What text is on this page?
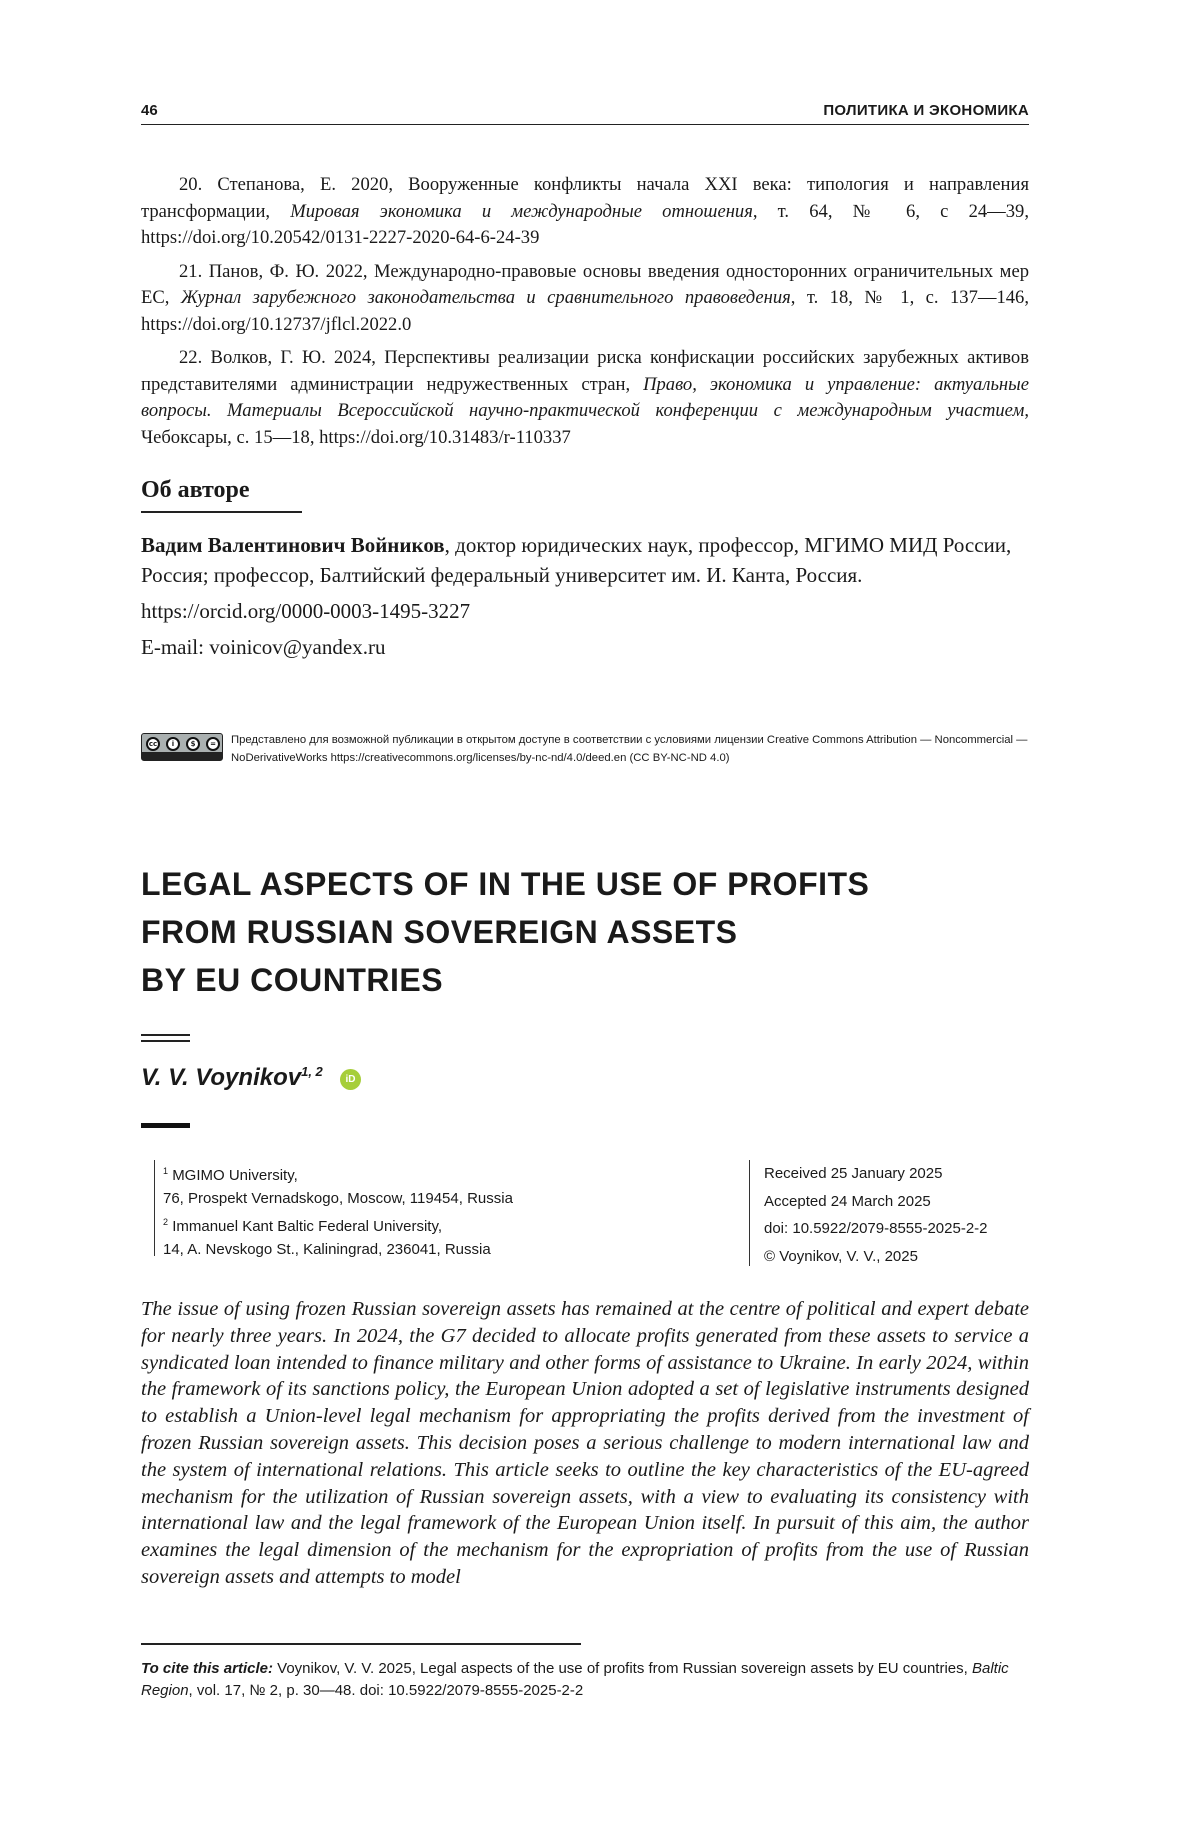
46	ПОЛИТИКА И ЭКОНОМИКА

20. Степанова, Е. 2020, Вооруженные конфликты начала XXI века: типология и направления трансформации, Мировая экономика и международные отношения, т. 64, № 6, с 24—39, https://doi.org/10.20542/0131-2227-2020-64-6-24-39

21. Панов, Ф. Ю. 2022, Международно-правовые основы введения односторонних ограничительных мер ЕС, Журнал зарубежного законодательства и сравнительного правоведения, т. 18, № 1, с. 137—146, https://doi.org/10.12737/jflcl.2022.0

22. Волков, Г. Ю. 2024, Перспективы реализации риска конфискации российских зарубежных активов представителями администрации недружественных стран, Право, экономика и управление: актуальные вопросы. Материалы Всероссийской научно-практической конференции с международным участием, Чебоксары, с. 15—18, https://doi.org/10.31483/r-110337

Об авторе

Вадим Валентинович Войников, доктор юридических наук, профессор, МГИМО МИД России, Россия; профессор, Балтийский федеральный университет им. И. Канта, Россия.

https://orcid.org/0000-0003-1495-3227

E-mail: voinicov@yandex.ru

cc	i	$	=	Представлено для возможной публикации в открытом доступе в соответствии с условиями лицензии Creative Commons Attribution — Noncommercial — NoDerivativeWorks https://creativecommons.org/licenses/by-nc-nd/4.0/deed.en (CC BY-NC-ND 4.0)
LEGAL ASPECTS OF IN THE USE OF PROFITS
FROM RUSSIAN SOVEREIGN ASSETS
BY EU COUNTRIES
V. V. Voynikov1, 2
iD

1 MGIMO University,
76, Prospekt Vernadskogo, Moscow, 119454, Russia

2 Immanuel Kant Baltic Federal University,
14, A. Nevskogo St., Kaliningrad, 236041, Russia

Received 25 January 2025
Accepted 24 March 2025
doi: 10.5922/2079-8555-2025-2-2
© Voynikov, V. V., 2025
The issue of using frozen Russian sovereign assets has remained at the centre of political and expert debate for nearly three years. In 2024, the G7 decided to allocate profits generated from these assets to service a syndicated loan intended to finance military and other forms of assistance to Ukraine. In early 2024, within the framework of its sanctions policy, the European Union adopted a set of legislative instruments designed to establish a Union-level legal mechanism for appropriating the profits derived from the investment of frozen Russian sovereign assets. This decision poses a serious challenge to modern international law and the system of international relations. This article seeks to outline the key characteristics of the EU-agreed mechanism for the utilization of Russian sovereign assets, with a view to evaluating its consistency with international law and the legal framework of the European Union itself. In pursuit of this aim, the author examines the legal dimension of the mechanism for the expropriation of profits from the use of Russian sovereign assets and attempts to model
To cite this article: Voynikov, V. V. 2025, Legal aspects of the use of profits from Russian sovereign assets by EU countries, Baltic Region, vol. 17, № 2, p. 30—48. doi: 10.5922/2079-8555-2025-2-2
